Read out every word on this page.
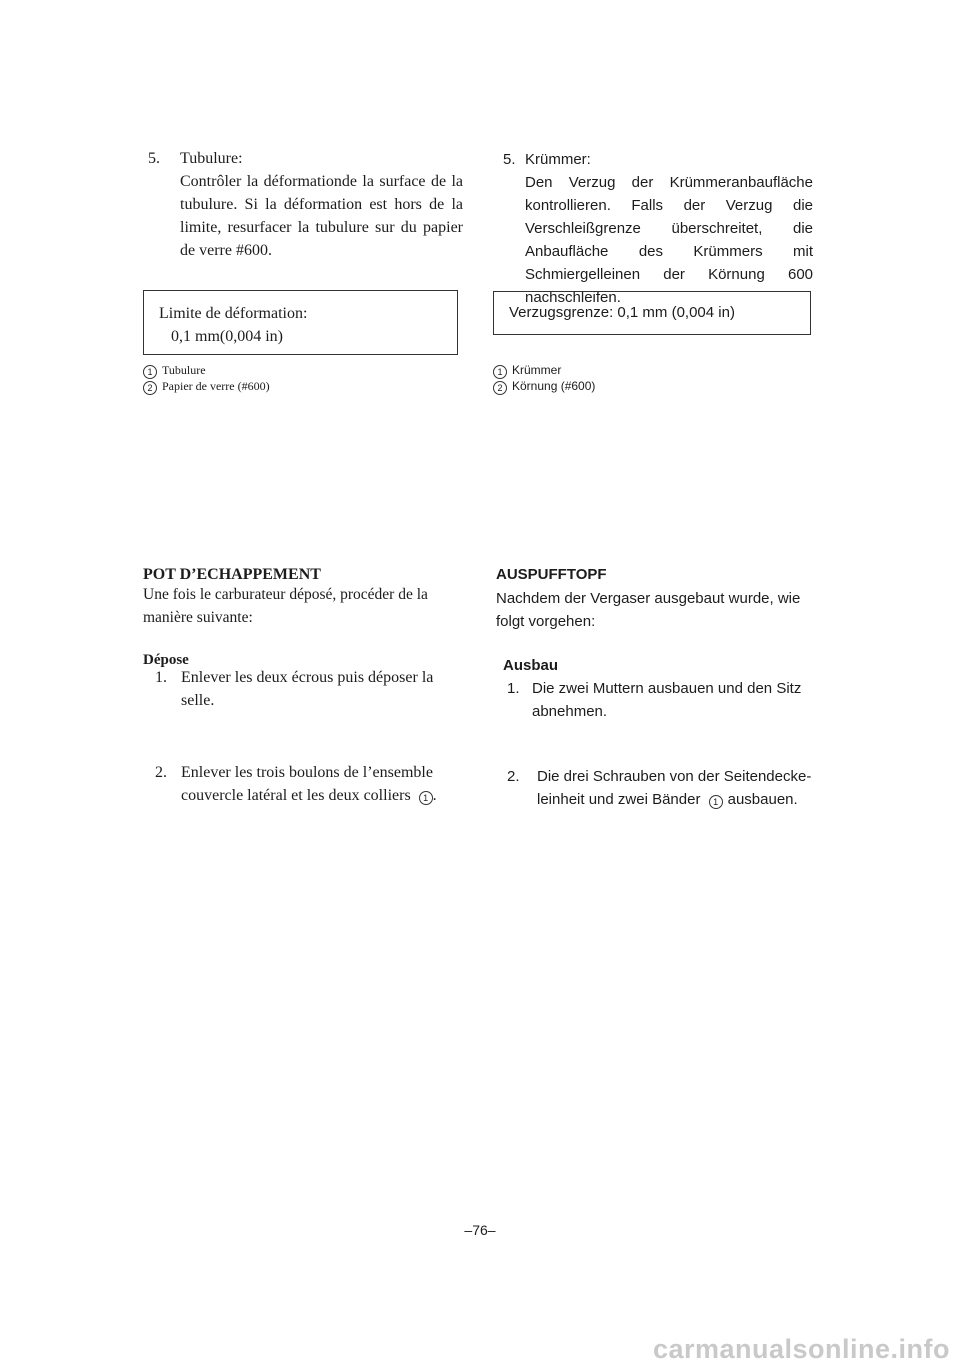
5. Tubulure:
Contrôler la déformationde la surface de la tubulure. Si la déformation est hors de la limite, resurfacer la tubulure sur du papier de verre #600.
Limite de déformation:
0,1 mm(0,004 in)
1 Tubulure
2 Papier de verre (#600)
POT D’ECHAPPEMENT
Une fois le carburateur déposé, procéder de la manière suivante:
Dépose
1. Enlever les deux écrous puis déposer la
selle.
2. Enlever les trois boulons de l’ensemble
couvercle latéral et les deux colliers 1 .
5. Krümmer:
Den Verzug der Krümmeranbaufläche kontrollieren. Falls der Verzug die Verschleißgrenze überschreitet, die Anbaufläche des Krümmers mit Schmiergelleinen der Körnung 600 nachschleifen.
Verzugsgrenze: 0,1 mm (0,004 in)
1 Krümmer
2 Körnung (#600)
AUSPUFFTOPF
Nachdem der Vergaser ausgebaut wurde, wie folgt vorgehen:
Ausbau
1. Die zwei Muttern ausbauen und den Sitz
abnehmen.
2. Die drei Schrauben von der Seitendecke-
leinheit und zwei Bänder 1 ausbauen.
–76–
carmanualsonline.info
